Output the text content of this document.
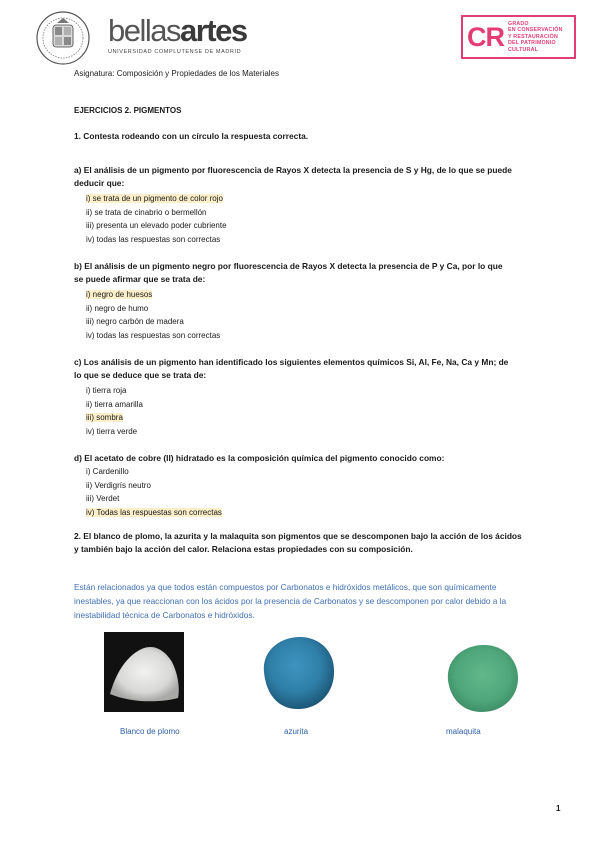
bellasartes
UNIVERSIDAD COMPLUTENSE DE MADRID	CR GRADO
EN CONSERVACIÓN
Y RESTAURACIÓN
DEL PATRIMONIO
CULTURAL
Asignatura: Composición y Propiedades de los Materiales
EJERCICIOS 2. PIGMENTOS
1. Contesta rodeando con un círculo la respuesta correcta.
a) El análisis de un pigmento por fluorescencia de Rayos X detecta la presencia de S y Hg, de lo que se puede deducir que:
i) se trata de un pigmento de color rojo
ii) se trata de cinabrio o bermellón
iii) presenta un elevado poder cubriente
iv) todas las respuestas son correctas
b) El análisis de un pigmento negro por fluorescencia de Rayos X detecta la presencia de P y Ca, por lo que se puede afirmar que se trata de:
i) negro de huesos
ii) negro de humo
iii) negro carbón de madera
iv) todas las respuestas son correctas
c) Los análisis de un pigmento han identificado los siguientes elementos químicos Si, Al, Fe, Na, Ca y Mn; de lo que se deduce que se trata de:
i) tierra roja
ii) tierra amarilla
iii) sombra
iv) tierra verde
d) El acetato de cobre (II) hidratado es la composición química del pigmento conocido como:
i) Cardenillo
ii) Verdigrís neutro
iii) Verdet
iv) Todas las respuestas son correctas
2. El blanco de plomo, la azurita y la malaquita son pigmentos que se descomponen bajo la acción de los ácidos y también bajo la acción del calor. Relaciona estas propiedades con su composición.
Están relacionados ya que todos están compuestos por Carbonatos e hidróxidos metálicos, que son químicamente inestables, ya que reaccionan con los ácidos por la presencia de Carbonatos y se descomponen por calor debido a la inestabilidad técnica de Carbonatos e hidróxidos.
Blanco de plomo	azurita	malaquita
1
